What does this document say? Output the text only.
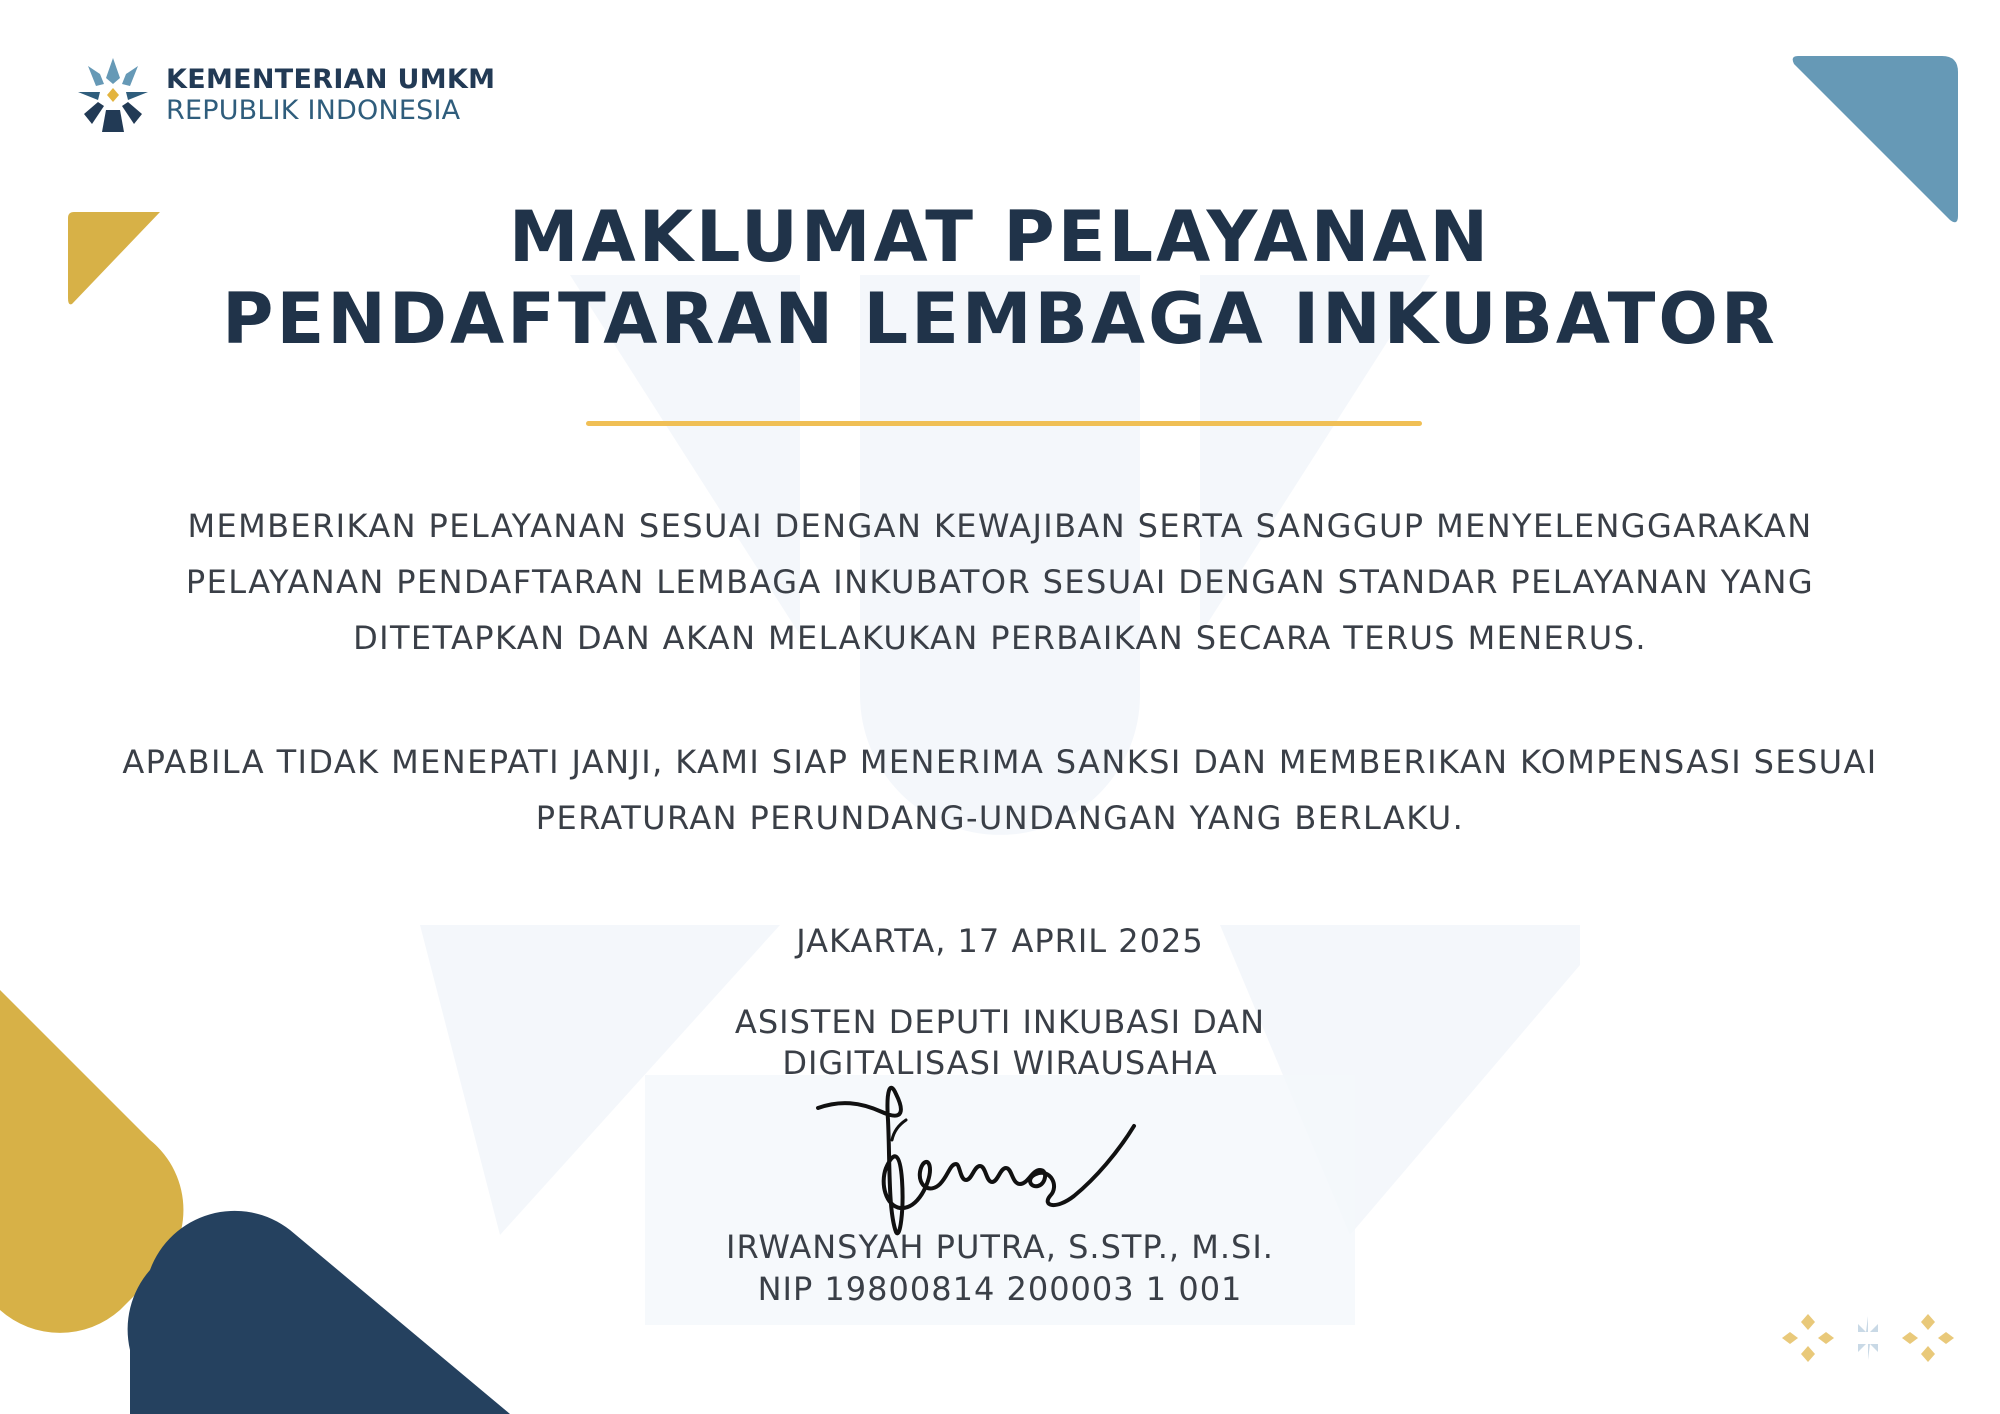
KEMENTERIAN UMKM
REPUBLIK INDONESIA
MAKLUMAT PELAYANAN
PENDAFTARAN LEMBAGA INKUBATOR
MEMBERIKAN PELAYANAN SESUAI DENGAN KEWAJIBAN SERTA SANGGUP MENYELENGGARAKAN PELAYANAN PENDAFTARAN LEMBAGA INKUBATOR SESUAI DENGAN STANDAR PELAYANAN YANG DITETAPKAN DAN AKAN MELAKUKAN PERBAIKAN SECARA TERUS MENERUS.
APABILA TIDAK MENEPATI JANJI, KAMI SIAP MENERIMA SANKSI DAN MEMBERIKAN KOMPENSASI SESUAI PERATURAN PERUNDANG-UNDANGAN YANG BERLAKU.
JAKARTA, 17 APRIL 2025
ASISTEN DEPUTI INKUBASI DAN
DIGITALISASI WIRAUSAHA
IRWANSYAH PUTRA, S.STP., M.SI.
NIP 19800814 200003 1 001
